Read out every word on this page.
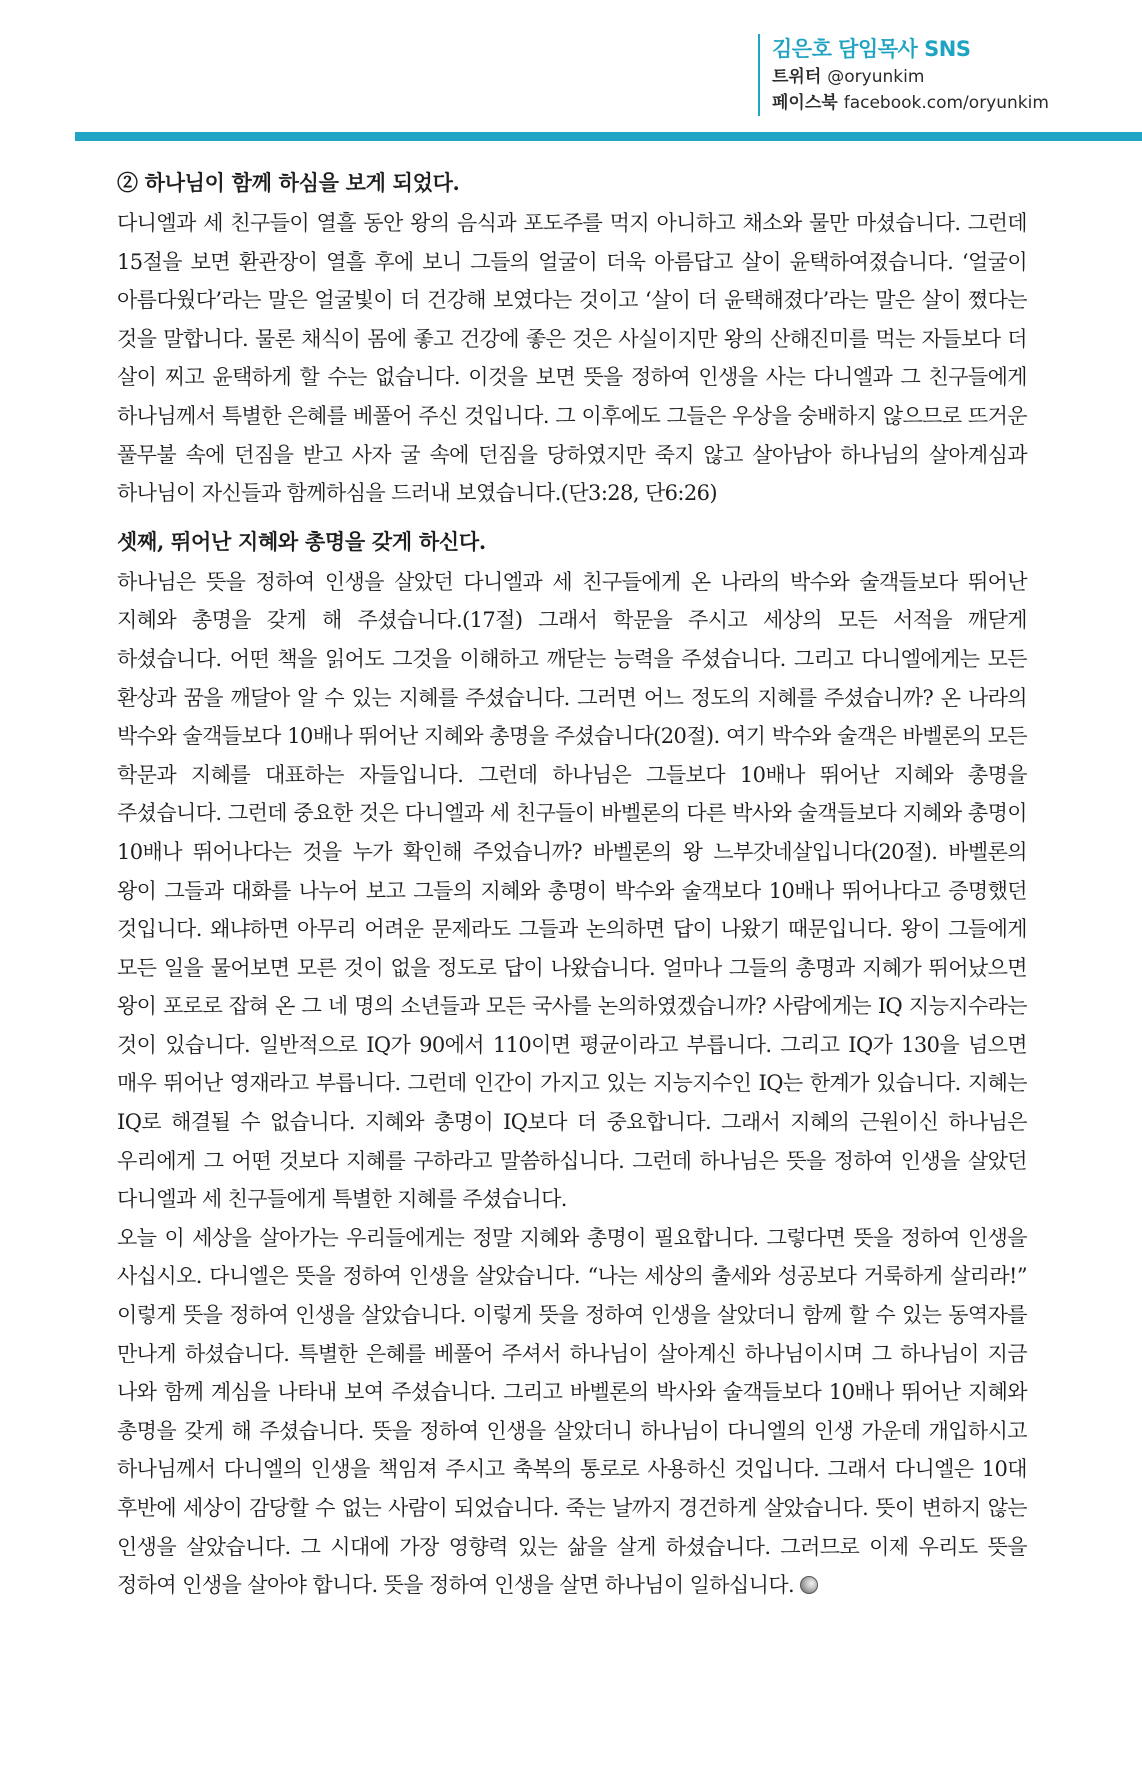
김은호 담임목사 SNS
트위터 @oryunkim
페이스북 facebook.com/oryunkim
② 하나님이 함께 하심을 보게 되었다.

다니엘과 세 친구들이 열흘 동안 왕의 음식과 포도주를 먹지 아니하고 채소와 물만 마셨습니다. 그런데 15절을 보면 환관장이 열흘 후에 보니 그들의 얼굴이 더욱 아름답고 살이 윤택하여졌습니다. ‘얼굴이 아름다웠다’라는 말은 얼굴빛이 더 건강해 보였다는 것이고 ‘살이 더 윤택해졌다’라는 말은 살이 쪘다는 것을 말합니다. 물론 채식이 몸에 좋고 건강에 좋은 것은 사실이지만 왕의 산해진미를 먹는 자들보다 더 살이 찌고 윤택하게 할 수는 없습니다. 이것을 보면 뜻을 정하여 인생을 사는 다니엘과 그 친구들에게 하나님께서 특별한 은혜를 베풀어 주신 것입니다. 그 이후에도 그들은 우상을 숭배하지 않으므로 뜨거운 풀무불 속에 던짐을 받고 사자 굴 속에 던짐을 당하였지만 죽지 않고 살아남아 하나님의 살아계심과 하나님이 자신들과 함께하심을 드러내 보였습니다.(단3:28, 단6:26)

셋째, 뛰어난 지혜와 총명을 갖게 하신다.

하나님은 뜻을 정하여 인생을 살았던 다니엘과 세 친구들에게 온 나라의 박수와 술객들보다 뛰어난 지혜와 총명을 갖게 해 주셨습니다.(17절) 그래서 학문을 주시고 세상의 모든 서적을 깨닫게 하셨습니다. 어떤 책을 읽어도 그것을 이해하고 깨닫는 능력을 주셨습니다. 그리고 다니엘에게는 모든 환상과 꿈을 깨달아 알 수 있는 지혜를 주셨습니다. 그러면 어느 정도의 지혜를 주셨습니까? 온 나라의 박수와 술객들보다 10배나 뛰어난 지혜와 총명을 주셨습니다(20절). 여기 박수와 술객은 바벨론의 모든 학문과 지혜를 대표하는 자들입니다. 그런데 하나님은 그들보다 10배나 뛰어난 지혜와 총명을 주셨습니다. 그런데 중요한 것은 다니엘과 세 친구들이 바벨론의 다른 박사와 술객들보다 지혜와 총명이 10배나 뛰어나다는 것을 누가 확인해 주었습니까? 바벨론의 왕 느부갓네살입니다(20절). 바벨론의 왕이 그들과 대화를 나누어 보고 그들의 지혜와 총명이 박수와 술객보다 10배나 뛰어나다고 증명했던 것입니다. 왜냐하면 아무리 어려운 문제라도 그들과 논의하면 답이 나왔기 때문입니다. 왕이 그들에게 모든 일을 물어보면 모른 것이 없을 정도로 답이 나왔습니다. 얼마나 그들의 총명과 지혜가 뛰어났으면 왕이 포로로 잡혀 온 그 네 명의 소년들과 모든 국사를 논의하였겠습니까? 사람에게는 IQ 지능지수라는 것이 있습니다. 일반적으로 IQ가 90에서 110이면 평균이라고 부릅니다. 그리고 IQ가 130을 넘으면 매우 뛰어난 영재라고 부릅니다. 그런데 인간이 가지고 있는 지능지수인 IQ는 한계가 있습니다. 지혜는 IQ로 해결될 수 없습니다. 지혜와 총명이 IQ보다 더 중요합니다. 그래서 지혜의 근원이신 하나님은 우리에게 그 어떤 것보다 지혜를 구하라고 말씀하십니다. 그런데 하나님은 뜻을 정하여 인생을 살았던 다니엘과 세 친구들에게 특별한 지혜를 주셨습니다.

오늘 이 세상을 살아가는 우리들에게는 정말 지혜와 총명이 필요합니다. 그렇다면 뜻을 정하여 인생을 사십시오. 다니엘은 뜻을 정하여 인생을 살았습니다. “나는 세상의 출세와 성공보다 거룩하게 살리라!” 이렇게 뜻을 정하여 인생을 살았습니다. 이렇게 뜻을 정하여 인생을 살았더니 함께 할 수 있는 동역자를 만나게 하셨습니다. 특별한 은혜를 베풀어 주셔서 하나님이 살아계신 하나님이시며 그 하나님이 지금 나와 함께 계심을 나타내 보여 주셨습니다. 그리고 바벨론의 박사와 술객들보다 10배나 뛰어난 지혜와 총명을 갖게 해 주셨습니다. 뜻을 정하여 인생을 살았더니 하나님이 다니엘의 인생 가운데 개입하시고 하나님께서 다니엘의 인생을 책임져 주시고 축복의 통로로 사용하신 것입니다. 그래서 다니엘은 10대 후반에 세상이 감당할 수 없는 사람이 되었습니다. 죽는 날까지 경건하게 살았습니다. 뜻이 변하지 않는 인생을 살았습니다. 그 시대에 가장 영향력 있는 삶을 살게 하셨습니다. 그러므로 이제 우리도 뜻을 정하여 인생을 살아야 합니다. 뜻을 정하여 인생을 살면 하나님이 일하십니다.
